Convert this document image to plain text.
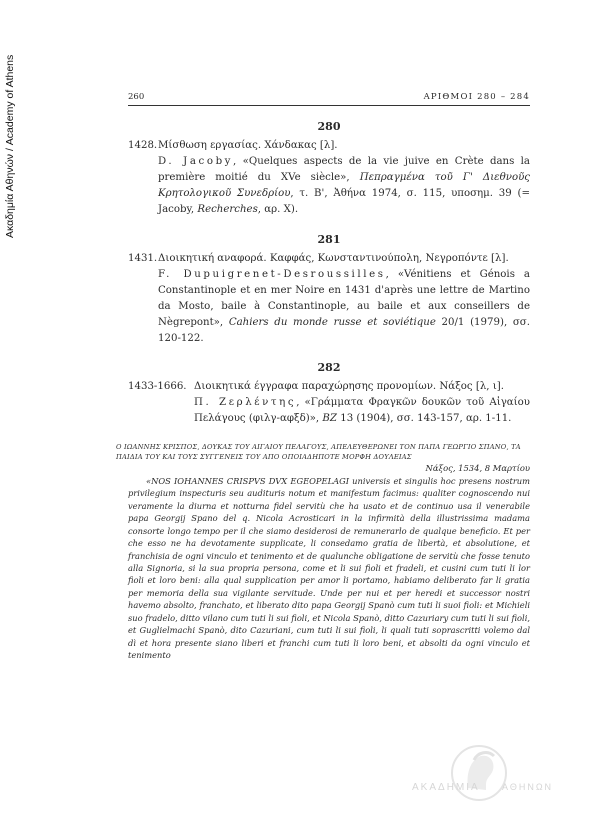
Ακαδημία Αθηνών / Academy of Athens	260	ΑΡΙΘΜΟΙ 280 – 284
280
1428. Μίσθωση εργασίας. Χάνδακας [λ].
D. Jacoby, «Quelques aspects de la vie juive en Crète dans la première moitié du XVe siècle», Πεπραγμένα τοῦ Γ' Διεθνοῦς Κρητολογικοῦ Συνεδρίου, τ. Β', Ἀθήνα 1974, σ. 115, υποσημ. 39 (= Jacoby, Recherches, αρ. X).
281
1431. Διοικητική αναφορά. Καφφάς, Κωνσταντινούπολη, Νεγροπόντε [λ].
F. Dupuigrenet-Desroussilles, «Vénitiens et Génois a Constantinople et en mer Noire en 1431 d'après une lettre de Martino da Mosto, baile à Constantinople, au baile et aux conseillers de Nègrepont», Cahiers du monde russe et soviétique 20/1 (1979), σσ. 120-122.
282
1433-1666. Διοικητικά έγγραφα παραχώρησης προνομίων. Νάξος [λ, ι].
Π. Ζερλέντης, «Γράμματα Φραγκῶν δουκῶν τοῦ Αἰγαίου Πελάγους (φιλγ-αφξδ)», BZ 13 (1904), σσ. 143-157, αρ. 1-11.
Ο ΙΩΑΝΝΗΣ ΚΡΙΣΠΟΣ, ΔΟΥΚΑΣ ΤΟΥ ΑΙΓΑΙΟΥ ΠΕΛΑΓΟΥΣ, ΑΠΕΛΕΥΘΕΡΩΝΕΙ ΤΟΝ ΠΑΠΑ ΓΕΩΡΓΙΟ ΣΠΑΝΟ, ΤΑ ΠΑΙΔΙΑ ΤΟΥ ΚΑΙ ΤΟΥΣ ΣΥΓΓΕΝΕΙΣ ΤΟΥ ΑΠΟ ΟΠΟΙΑΔΗΠΟΤΕ ΜΟΡΦΗ ΔΟΥΛΕΙΑΣ
Νάξος, 1534, 8 Μαρτίου
«NOS IOHANNES CRISPVS DVX EGEOPELAGI universis et singulis hoc presens nostrum privilegium inspecturis seu audituris notum et manifestum facimus: qualiter cognoscendo nui veramente la diurna et notturna fidel servitù che ha usato et de continuo usa il venerabile papa Georgij Spano del q. Nicola Acrosticari in la infirmità della illustrissima madama consorte longo tempo per il che siamo desiderosi de remunerarlo de qualque beneficio. Et per che esso ne ha devotamente supplicate, li consedamo gratia de libertà, et absolutione, et franchisia de ogni vinculo et tenimento et de qualunche obligatione de servitù che fosse tenuto alla Signoria, si la sua propria persona, come et li sui fioli et fradeli, et cusini cum tuti li lor fioli et loro beni: alla qual supplication per amor li portamo, habiamo deliberato far li gratia per memoria della sua vigilante servitude. Unde per nui et per heredi et successor nostri havemo absolto, franchato, et liberato dito papa Georgij Spanò cum tuti li suoi fioli: et Michieli suo fradelo, ditto vilano cum tuti li sui fioli, et Nicola Spanò, ditto Cazuriary cum tuti li sui fioli, et Guglielmachi Spanò, dito Cazuriani, cum tuti li sui fioli, li quali tuti soprascritti volemo dal dì et hora presente siano liberi et franchi cum tuti li loro beni, et absolti da ogni vinculo et tenimento
ΑΚΑΔΗΜΙΑ ΑΘΗΝΩΝ
